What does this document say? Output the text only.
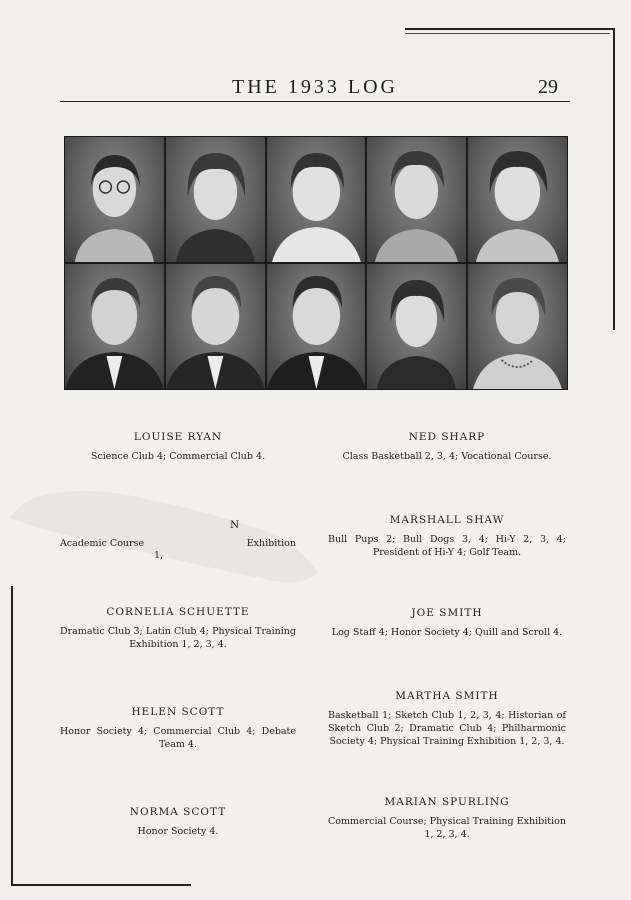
THE 1933 LOG	29
LOUISE RYAN
Science Club 4; Commercial Club 4.
N
Academic Course	Exhibition
1,
CORNELIA SCHUETTE
Dramatic Club 3; Latin Club 4; Physical Training Exhibition 1, 2, 3, 4.
HELEN SCOTT
Honor Society 4; Commercial Club 4; Debate Team 4.
NORMA SCOTT
Honor Society 4.
NED SHARP
Class Basketball 2, 3, 4; Vocational Course.
MARSHALL SHAW
Bull Pups 2; Bull Dogs 3, 4; Hi-Y 2, 3, 4; President of Hi-Y 4; Golf Team.
JOE SMITH
Log Staff 4; Honor Society 4; Quill and Scroll 4.
MARTHA SMITH
Basketball 1; Sketch Club 1, 2, 3, 4; Historian of Sketch Club 2; Dramatic Club 4; Philharmonic Society 4; Physical Training Exhibition 1, 2, 3, 4.
MARIAN SPURLING
Commercial Course; Physical Training Exhibition 1, 2, 3, 4.
